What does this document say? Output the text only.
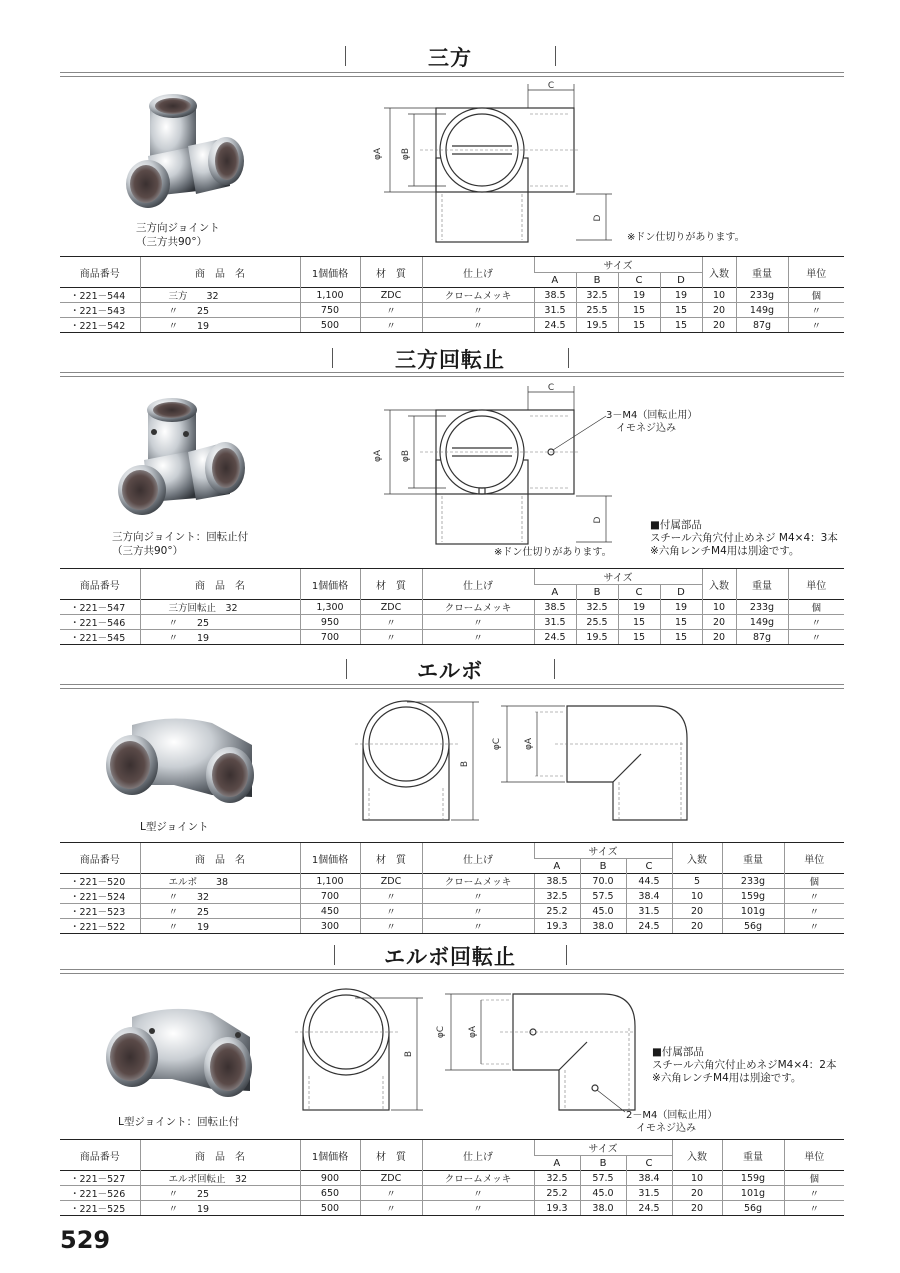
三方
三方向ジョイント
（三方共90°）
φA φB
C
D
※ドン仕切りがあります。
商品番号	商　品　名	1個価格	材　質	仕上げ	サイズ				入数	重量	単位
					A	B	C	D			
・221－544	三方　　32	1,100	ZDC	クロームメッキ	38.5	32.5	19	19	10	233g	個
・221－543	〃　　25	750	〃	〃	31.5	25.5	15	15	20	149g	〃
・221－542	〃　　19	500	〃	〃	24.5	19.5	15	15	20	87g	〃
三方回転止
三方向ジョイント：回転止付
（三方共90°）
φA φB
C
D
3－M4（回転止用）
　イモネジ込み
※ドン仕切りがあります。
■付属部品
スチール六角穴付止めネジ M4×4：3本
※六角レンチM4用は別途です。
商品番号	商　品　名	1個価格	材　質	仕上げ	サイズ				入数	重量	単位
					A	B	C	D			
・221－547	三方回転止　32	1,300	ZDC	クロームメッキ	38.5	32.5	19	19	10	233g	個
・221－546	〃　　25	950	〃	〃	31.5	25.5	15	15	20	149g	〃
・221－545	〃　　19	700	〃	〃	24.5	19.5	15	15	20	87g	〃
エルボ
L型ジョイント
B
φC φA
商品番号	商　品　名	1個価格	材　質	仕上げ	サイズ			入数	重量	単位
					A	B	C			
・221－520	エルボ　　38	1,100	ZDC	クロームメッキ	38.5	70.0	44.5	5	233g	個
・221－524	〃　　32	700	〃	〃	32.5	57.5	38.4	10	159g	〃
・221－523	〃　　25	450	〃	〃	25.2	45.0	31.5	20	101g	〃
・221－522	〃　　19	300	〃	〃	19.3	38.0	24.5	20	56g	〃
エルボ回転止
L型ジョイント：回転止付
B
φC φA
2－M4（回転止用）
　イモネジ込み
■付属部品
スチール六角穴付止めネジM4×4：2本
※六角レンチM4用は別途です。
商品番号	商　品　名	1個価格	材　質	仕上げ	サイズ			入数	重量	単位
					A	B	C			
・221－527	エルボ回転止　32	900	ZDC	クロームメッキ	32.5	57.5	38.4	10	159g	個
・221－526	〃　　25	650	〃	〃	25.2	45.0	31.5	20	101g	〃
・221－525	〃　　19	500	〃	〃	19.3	38.0	24.5	20	56g	〃
529
